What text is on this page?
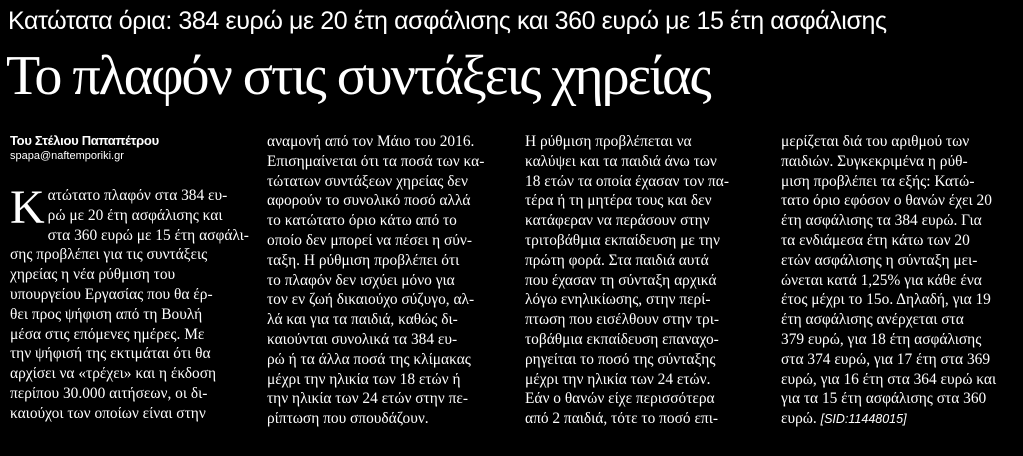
Κατώτατα όρια: 384 ευρώ με 20 έτη ασφάλισης και 360 ευρώ με 15 έτη ασφάλισης
Το πλαφόν στις συντάξεις χηρείας
Του Στέλιου Παπαπέτρου
spapa@naftemporiki.gr

Κ ατώτατο πλαφόν στα 384 ευ-
ρώ με 20 έτη ασφάλισης και
στα 360 ευρώ με 15 έτη ασφάλι-
σης προβλέπει για τις συντάξεις
χηρείας η νέα ρύθμιση του
υπουργείου Εργασίας που θα έρ-
θει προς ψήφιση από τη Βουλή
μέσα στις επόμενες ημέρες. Με
την ψήφισή της εκτιμάται ότι θα
αρχίσει να «τρέχει» και η έκδοση
περίπου 30.000 αιτήσεων, οι δι-
καιούχοι των οποίων είναι στην

αναμονή από τον Μάιο του 2016.
Επισημαίνεται ότι τα ποσά των κα-
τώτατων συντάξεων χηρείας δεν
αφορούν το συνολικό ποσό αλλά
το κατώτατο όριο κάτω από το
οποίο δεν μπορεί να πέσει η σύν-
ταξη. Η ρύθμιση προβλέπει ότι
το πλαφόν δεν ισχύει μόνο για
τον εν ζωή δικαιούχο σύζυγο, αλ-
λά και για τα παιδιά, καθώς δι-
καιούνται συνολικά τα 384 ευ-
ρώ ή τα άλλα ποσά της κλίμακας
μέχρι την ηλικία των 18 ετών ή
την ηλικία των 24 ετών στην πε-
ρίπτωση που σπουδάζουν.

Η ρύθμιση προβλέπεται να
καλύψει και τα παιδιά άνω των
18 ετών τα οποία έχασαν τον πα-
τέρα ή τη μητέρα τους και δεν
κατάφεραν να περάσουν στην
τριτοβάθμια εκπαίδευση με την
πρώτη φορά. Στα παιδιά αυτά
που έχασαν τη σύνταξη αρχικά
λόγω ενηλικίωσης, στην περί-
πτωση που εισέλθουν στην τρι-
τοβάθμια εκπαίδευση επαναχο-
ρηγείται το ποσό της σύνταξης
μέχρι την ηλικία των 24 ετών.
Εάν ο θανών είχε περισσότερα
από 2 παιδιά, τότε το ποσό επι-

μερίζεται διά του αριθμού των
παιδιών. Συγκεκριμένα η ρύθ-
μιση προβλέπει τα εξής: Κατώ-
τατο όριο εφόσον ο θανών έχει 20
έτη ασφάλισης τα 384 ευρώ. Για
τα ενδιάμεσα έτη κάτω των 20
ετών ασφάλισης η σύνταξη μει-
ώνεται κατά 1,25% για κάθε ένα
έτος μέχρι το 15ο. Δηλαδή, για 19
έτη ασφάλισης ανέρχεται στα
379 ευρώ, για 18 έτη ασφάλισης
στα 374 ευρώ, για 17 έτη στα 369
ευρώ, για 16 έτη στα 364 ευρώ και
για τα 15 έτη ασφάλισης στα 360
ευρώ. [SID:11448015]
